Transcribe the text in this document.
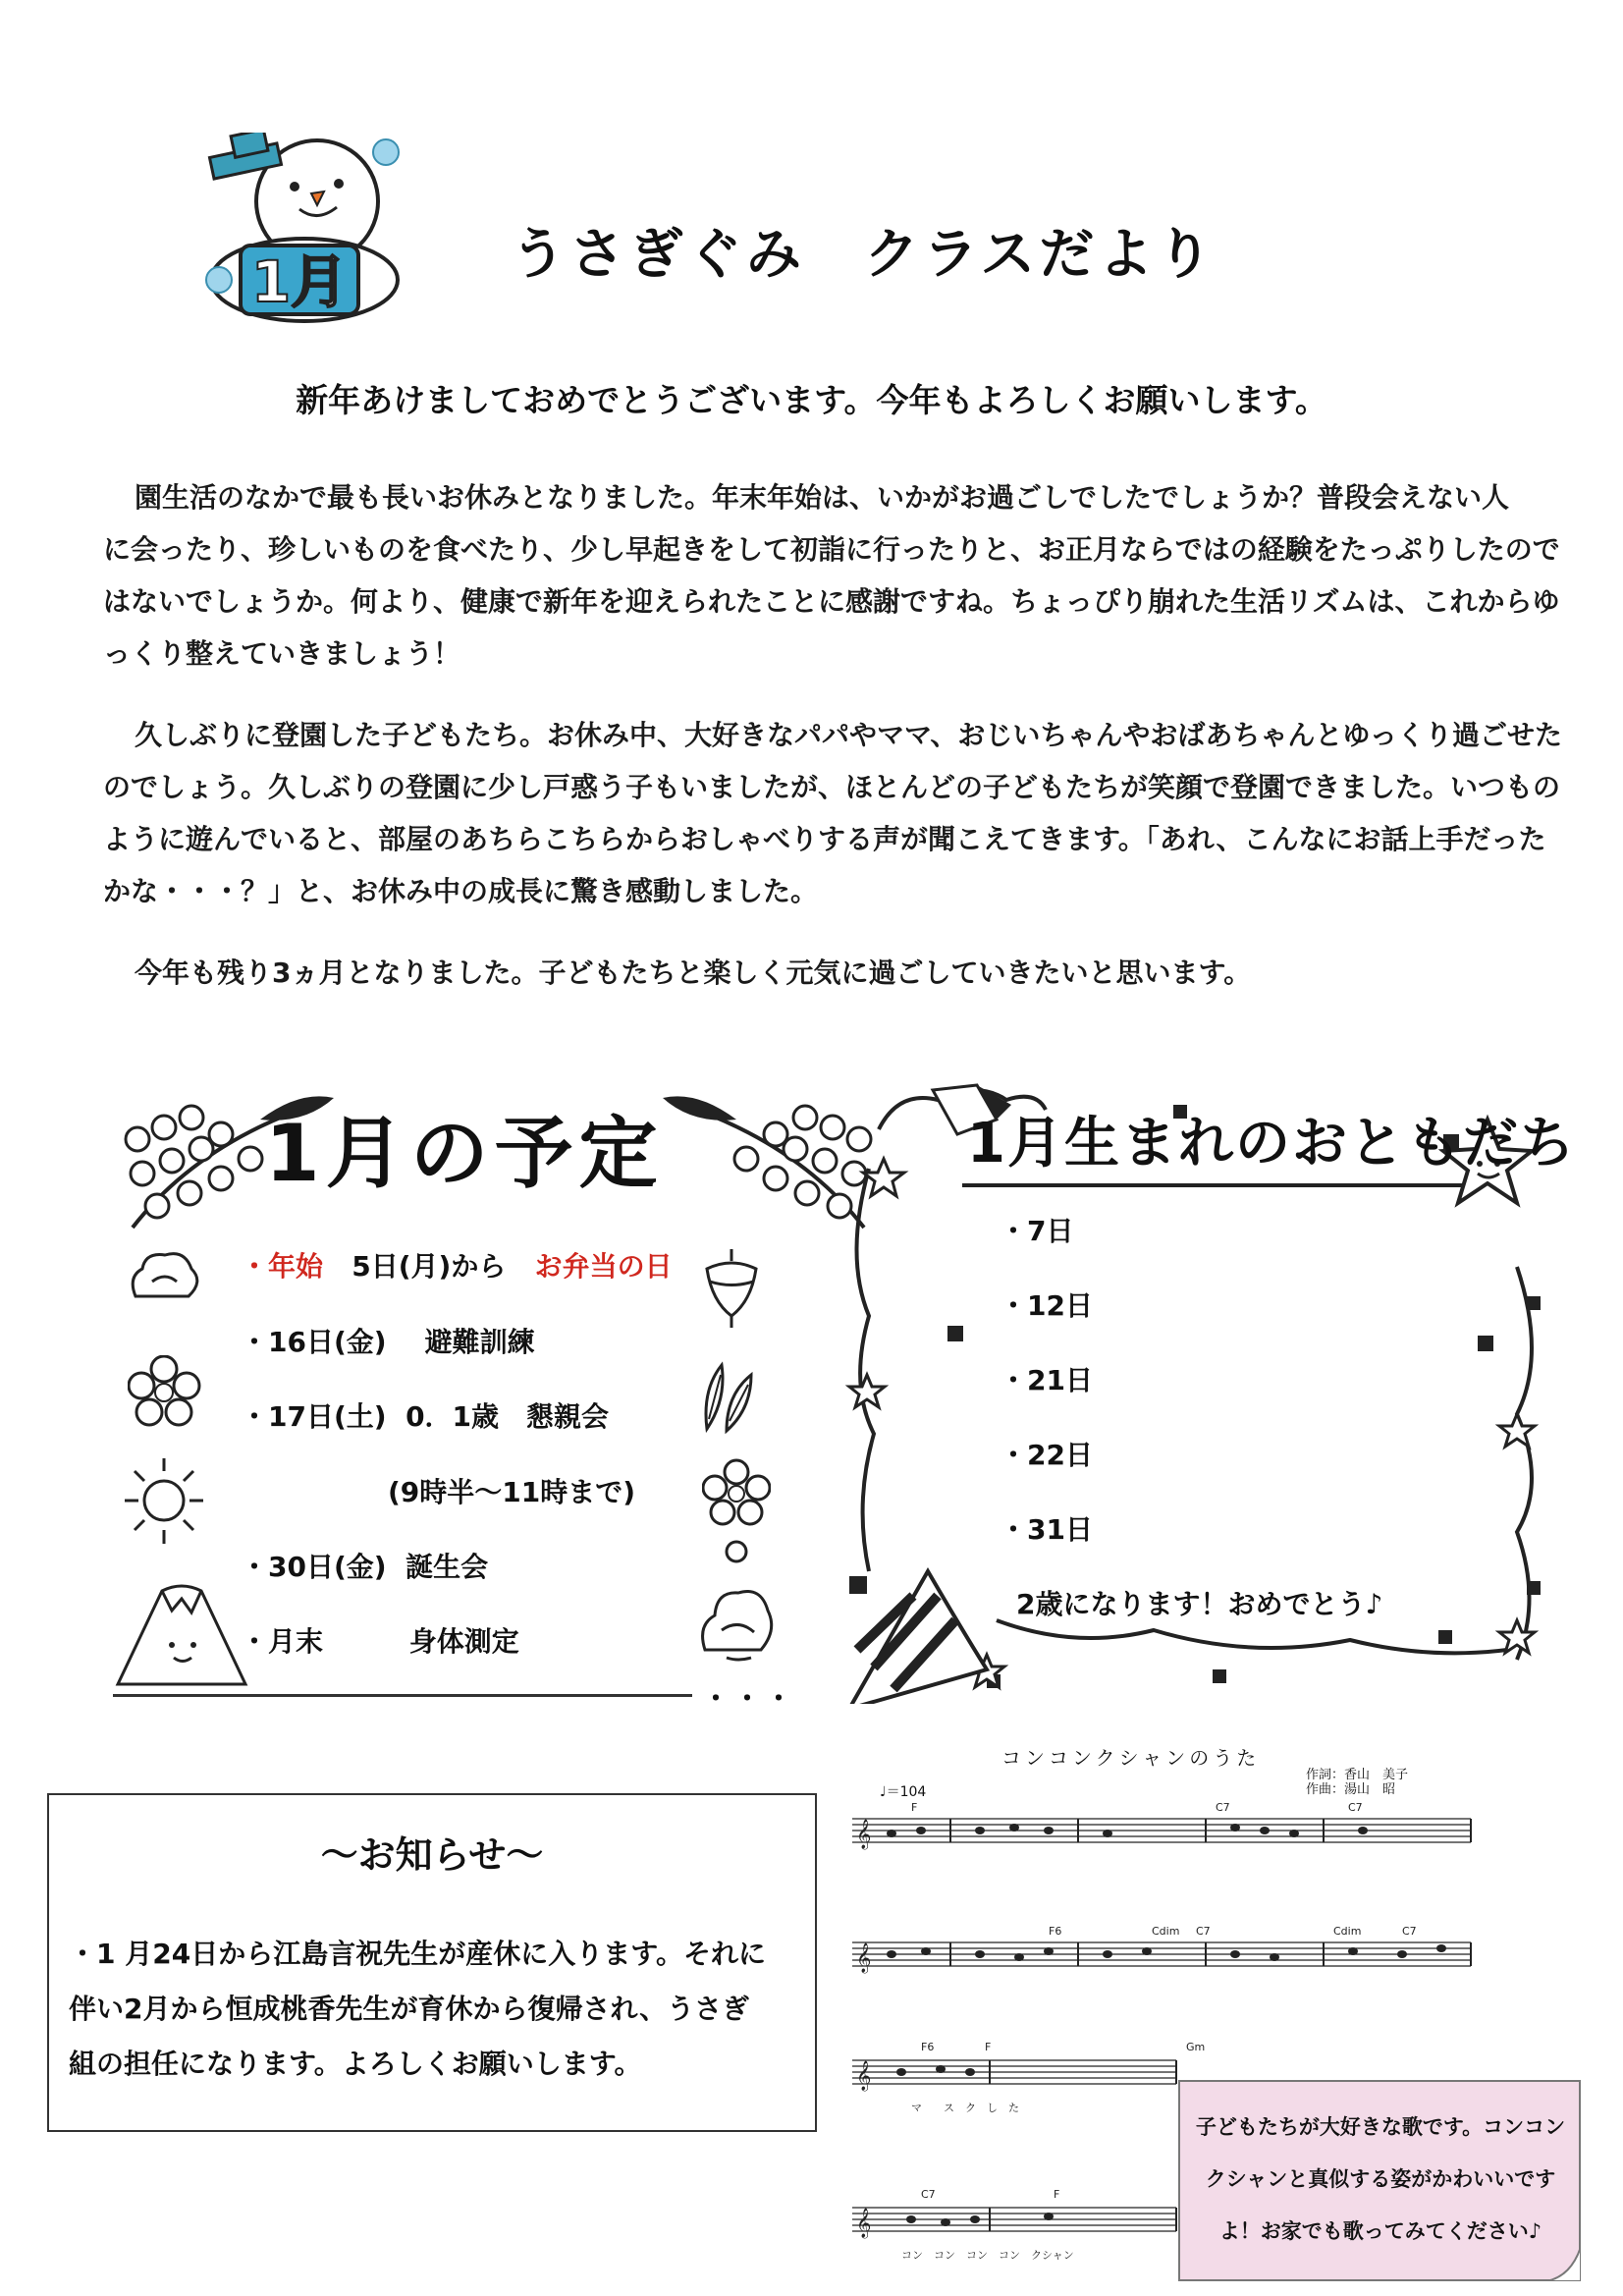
1月	うさぎぐみ　クラスだより
新年あけましておめでとうございます。今年もよろしくお願いします。
園生活のなかで最も長いお休みとなりました。年末年始は、いかがお過ごしでしたでしょうか？普段会えない人
に会ったり、珍しいものを食べたり、少し早起きをして初詣に行ったりと、お正月ならではの経験をたっぷりしたので
はないでしょうか。何より、健康で新年を迎えられたことに感謝ですね。ちょっぴり崩れた生活リズムは、これからゆ
っくり整えていきましょう！
久しぶりに登園した子どもたち。お休み中、大好きなパパやママ、おじいちゃんやおばあちゃんとゆっくり過ごせた
のでしょう。久しぶりの登園に少し戸惑う子もいましたが、ほとんどの子どもたちが笑顔で登園できました。いつもの
ように遊んでいると、部屋のあちらこちらからおしゃべりする声が聞こえてきます。「あれ、こんなにお話上手だった
かな・・・？」と、お休み中の成長に驚き感動しました。
今年も残り3ヵ月となりました。子どもたちと楽しく元気に過ごしていきたいと思います。
1月の予定
・年始 5日(月)から お弁当の日
・16日(金) 避難訓練
・17日(土) 0．1歳　懇親会
(9時半～11時まで)
・30日(金) 誕生会
・月末	身体測定
・・・
1月生まれのおともだち
・7日
・12日
・21日
・22日
・31日
2歳になります！おめでとう♪
～お知らせ～
・1 月24日から江島言祝先生が産休に入ります。それに
伴い2月から恒成桃香先生が育休から復帰され、うさぎ
組の担任になります。よろしくお願いします。
コンコンクシャンのうた
作詞：香山　美子
作曲：湯山　昭
♩＝104
𝄞
𝄞
𝄞
𝄞
F	C7	C7
F6	Cdim C7	Cdim	C7
F6	F	Gm
C7	F
マ　　ス　ク　し　た
コン　コン　コン　コン　クシャン
子どもたちが大好きな歌です。コンコン
クシャンと真似する姿がかわいいです
よ！お家でも歌ってみてください♪
